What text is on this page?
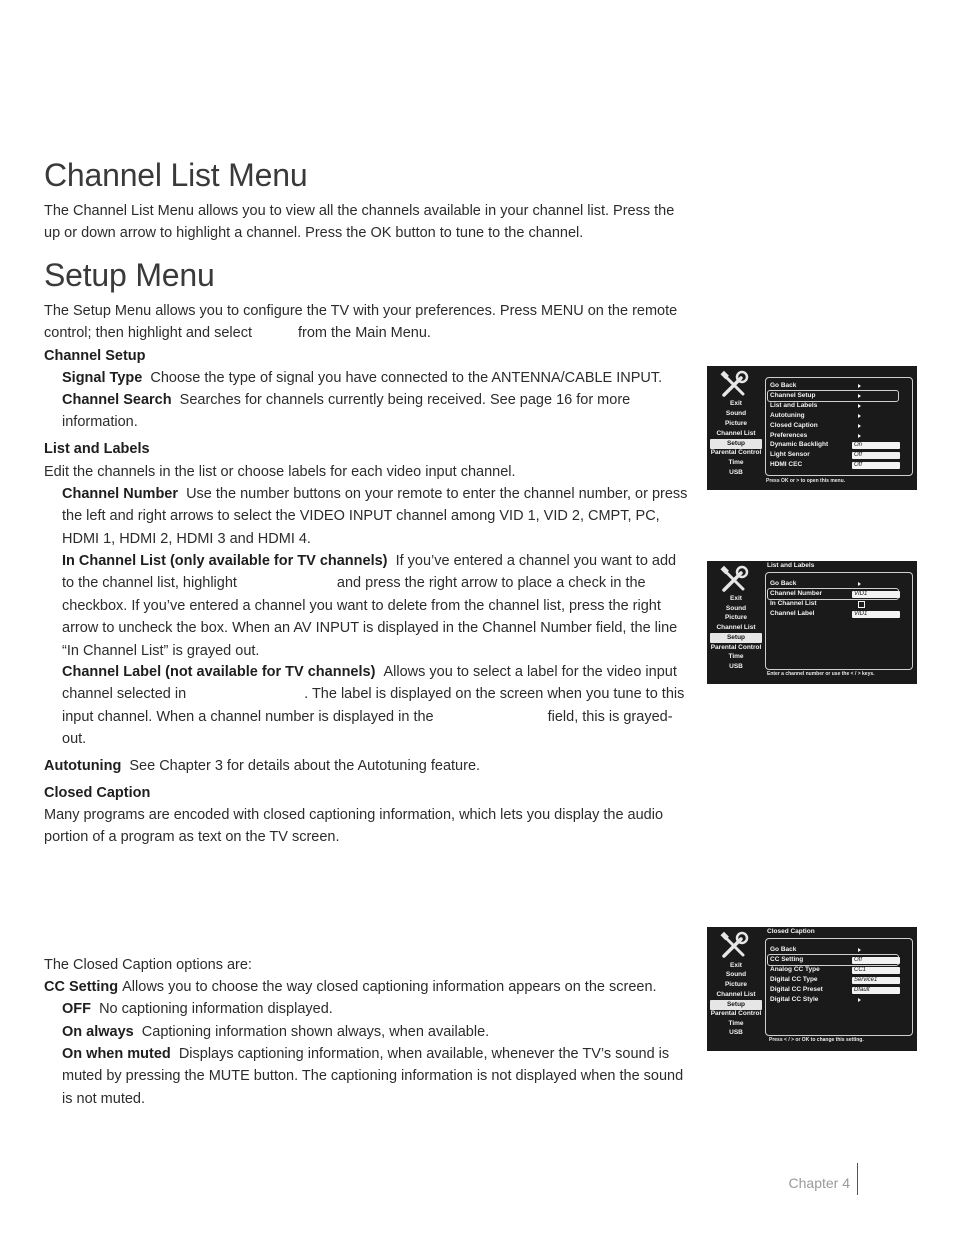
Channel List Menu

The Channel List Menu allows you to view all the channels available in your channel list. Press the up or down arrow to highlight a channel. Press the OK button to tune to the channel.

Setup Menu

The Setup Menu allows you to configure the TV with your preferences. Press MENU on the remote control; then highlight and select	from the Main Menu.

Channel Setup

Signal Type Choose the type of signal you have connected to the ANTENNA/CABLE INPUT.

Channel Search Searches for channels currently being received. See page 16 for more information.

List and Labels

Edit the channels in the list or choose labels for each video input channel.

Channel Number Use the number buttons on your remote to enter the channel number, or press the left and right arrows to select the VIDEO INPUT channel among VID 1, VID 2, CMPT, PC, HDMI 1, HDMI 2, HDMI 3 and HDMI 4.

In Channel List (only available for TV channels) If you’ve entered a channel you want to add to the channel list, highlight	and press the right arrow to place a check in the checkbox. If you’ve entered a channel you want to delete from the channel list, press the right arrow to uncheck the box. When an AV INPUT is displayed in the Channel Number field, the line “In Channel List” is grayed out.

Channel Label (not available for TV channels) Allows you to select a label for the video input channel selected in	. The label is displayed on the screen when you tune to this input channel. When a channel number is displayed in the	field, this is grayed-out.

Autotuning See Chapter 3 for details about the Autotuning feature.

Closed Caption

Many programs are encoded with closed captioning information, which lets you display the audio portion of a program as text on the TV screen.

The Closed Caption options are:

CC Setting Allows you to choose the way closed captioning information appears on the screen.

OFF No captioning information displayed.

On always Captioning information shown always, when available.

On when muted Displays captioning information, when available, whenever the TV’s sound is muted by pressing the MUTE button. The captioning information is not displayed when the sound is not muted.

Exit
Sound
Picture
Channel List
Setup
Parental Control
Time
USB
Go Back
Channel Setup
List and Labels
Autotuning
Closed Caption
Preferences
Dynamic Backlight	On
Light Sensor	Off
HDMI CEC	Off
Press OK or > to open this menu.
Exit
Sound
Picture
Channel List
Setup
Parental Control
Time
USB
List and Labels
Go Back
Channel Number	VID1
In Channel List
Channel Label	VID1
Enter a channel number or use the < / > keys.
Exit
Sound
Picture
Channel List
Setup
Parental Control
Time
USB
Closed Caption
Go Back
CC Setting	Off
Analog CC Type	CC1
Digital CC Type	Service1
Digital CC Preset	Dfault
Digital CC Style
Press < / > or OK to change this setting.
Chapter 4
